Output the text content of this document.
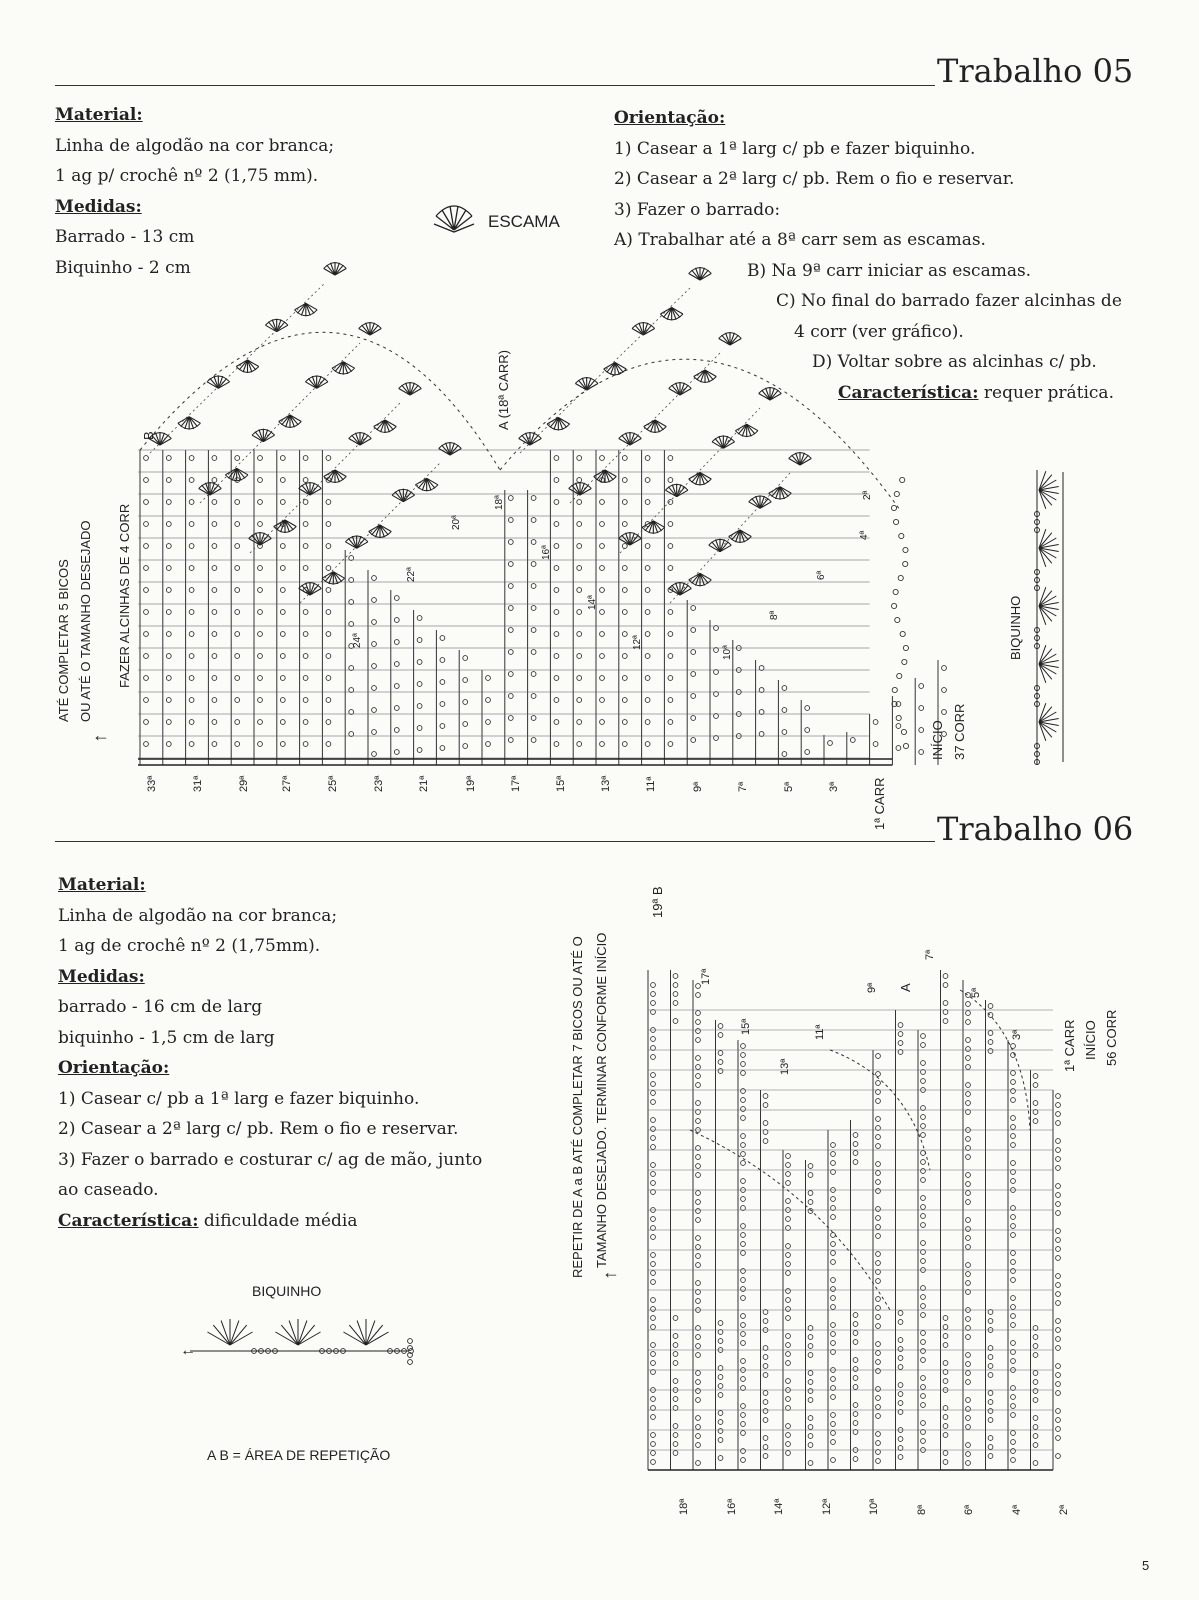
Trabalho 05
Material:
Linha de algodão na cor branca;
1 ag p/ crochê nº 2 (1,75 mm).
Medidas:
Barrado - 13 cm
Biquinho - 2 cm
Orientação:
1) Casear a 1ª larg c/ pb e fazer biquinho.
2) Casear a 2ª larg c/ pb. Rem o fio e reservar.
3) Fazer o barrado:
A) Trabalhar até a 8ª carr sem as escamas.
B) Na 9ª carr iniciar as escamas.
C) No final do barrado fazer alcinhas de
4 corr (ver gráfico).
D) Voltar sobre as alcinhas c/ pb.
Característica: requer prática.
ESCAMA
ATÉ COMPLETAR 5 BICOS OU ATÉ O TAMANHO DESEJADO
←
FAZER ALCINHAS DE 4 CORR
B
A (18ª CARR)
BIQUINHO
INÍCIO 37 CORR
1ª CARR
33ª	31ª	29ª	27ª	25ª	23ª	21ª	19ª	17ª	15ª	13ª	11ª	9ª	7ª	5ª	3ª
24ª
22ª
20ª
18ª
16ª
14ª
12ª
10ª
8ª
6ª
4ª
2ª
Trabalho 06
Material:
Linha de algodão na cor branca;
1 ag de crochê nº 2 (1,75mm).
Medidas:
barrado - 16 cm de larg
biquinho - 1,5 cm de larg
Orientação:
1) Casear c/ pb a 1ª larg e fazer biquinho.
2) Casear a 2ª larg c/ pb. Rem o fio e reservar.
3) Fazer o barrado e costurar c/ ag de mão, junto
ao caseado.
Característica: dificuldade média
BIQUINHO
←
A B = ÁREA DE REPETIÇÃO
REPETIR DE A a B ATÉ COMPLETAR 7 BICOS OU ATÉ O TAMANHO DESEJADO. TERMINAR CONFORME INÍCIO
←
19ª B
A
1ª CARR INÍCIO 56 CORR
18ª	16ª	14ª	12ª	10ª	8ª	6ª	4ª	2ª
17ª
15ª
13ª
11ª
9ª
7ª
5ª
3ª
5
